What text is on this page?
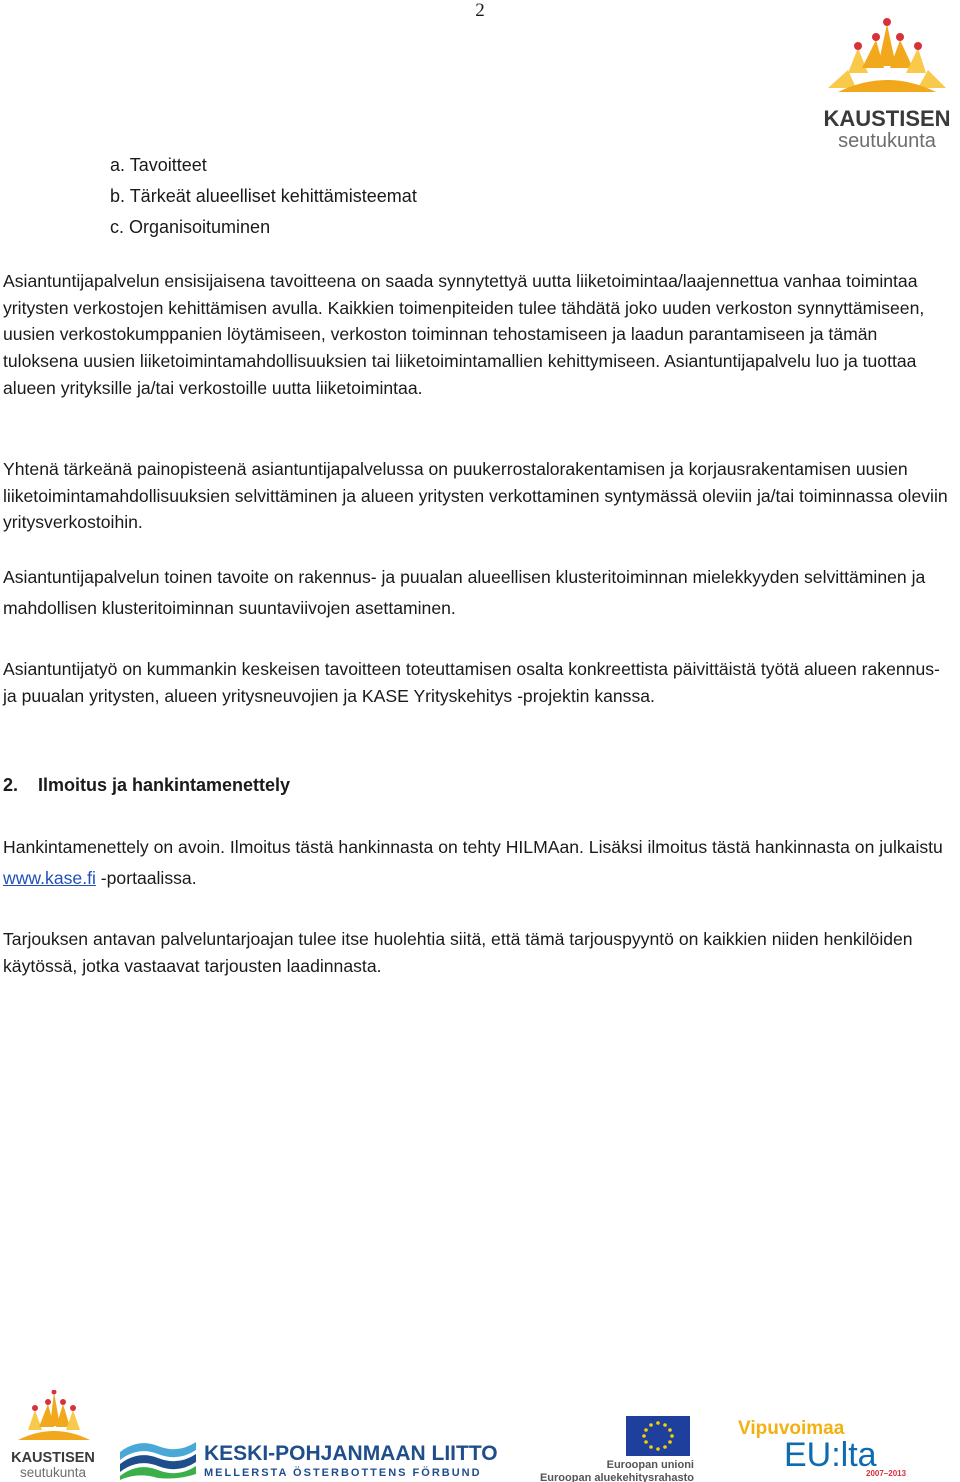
2
KAUSTISEN
seutukunta
a. Tavoitteet
b. Tärkeät alueelliset kehittämisteemat
c. Organisoituminen

Asiantuntijapalvelun ensisijaisena tavoitteena on saada synnytettyä uutta liiketoimintaa/laajennettua vanhaa toimintaa yritysten verkostojen kehittämisen avulla. Kaikkien toimenpiteiden tulee tähdätä joko uuden verkoston synnyttämiseen, uusien verkostokumppanien löytämiseen, verkoston toiminnan tehostamiseen ja laadun parantamiseen ja tämän tuloksena uusien liiketoimintamahdollisuuksien tai liiketoimintamallien kehittymiseen. Asiantuntijapalvelu luo ja tuottaa alueen yrityksille ja/tai verkostoille uutta liiketoimintaa.

Yhtenä tärkeänä painopisteenä asiantuntijapalvelussa on puukerrostalorakentamisen ja korjausrakentamisen uusien liiketoimintamahdollisuuksien selvittäminen ja alueen yritysten verkottaminen syntymässä oleviin ja/tai toiminnassa oleviin yritysverkostoihin.

Asiantuntijapalvelun toinen tavoite on rakennus- ja puualan alueellisen klusteritoiminnan mielekkyyden selvittäminen ja mahdollisen klusteritoiminnan suuntaviivojen asettaminen.

Asiantuntijatyö on kummankin keskeisen tavoitteen toteuttamisen osalta konkreettista päivittäistä työtä alueen rakennus- ja puualan yritysten, alueen yritysneuvojien ja KASE Yrityskehitys -projektin kanssa.

2. Ilmoitus ja hankintamenettely

Hankintamenettely on avoin. Ilmoitus tästä hankinnasta on tehty HILMAan. Lisäksi ilmoitus tästä hankinnasta on julkaistu www.kase.fi -portaalissa.

Tarjouksen antavan palveluntarjoajan tulee itse huolehtia siitä, että tämä tarjouspyyntö on kaikkien niiden henkilöiden käytössä, jotka vastaavat tarjousten laadinnasta.

KAUSTISEN
seutukunta
KESKI-POHJANMAAN LIITTO
MELLERSTA ÖSTERBOTTENS FÖRBUND
Euroopan unioni
Euroopan aluekehitysrahasto
Vipuvoimaa
EU:lta
2007–2013
